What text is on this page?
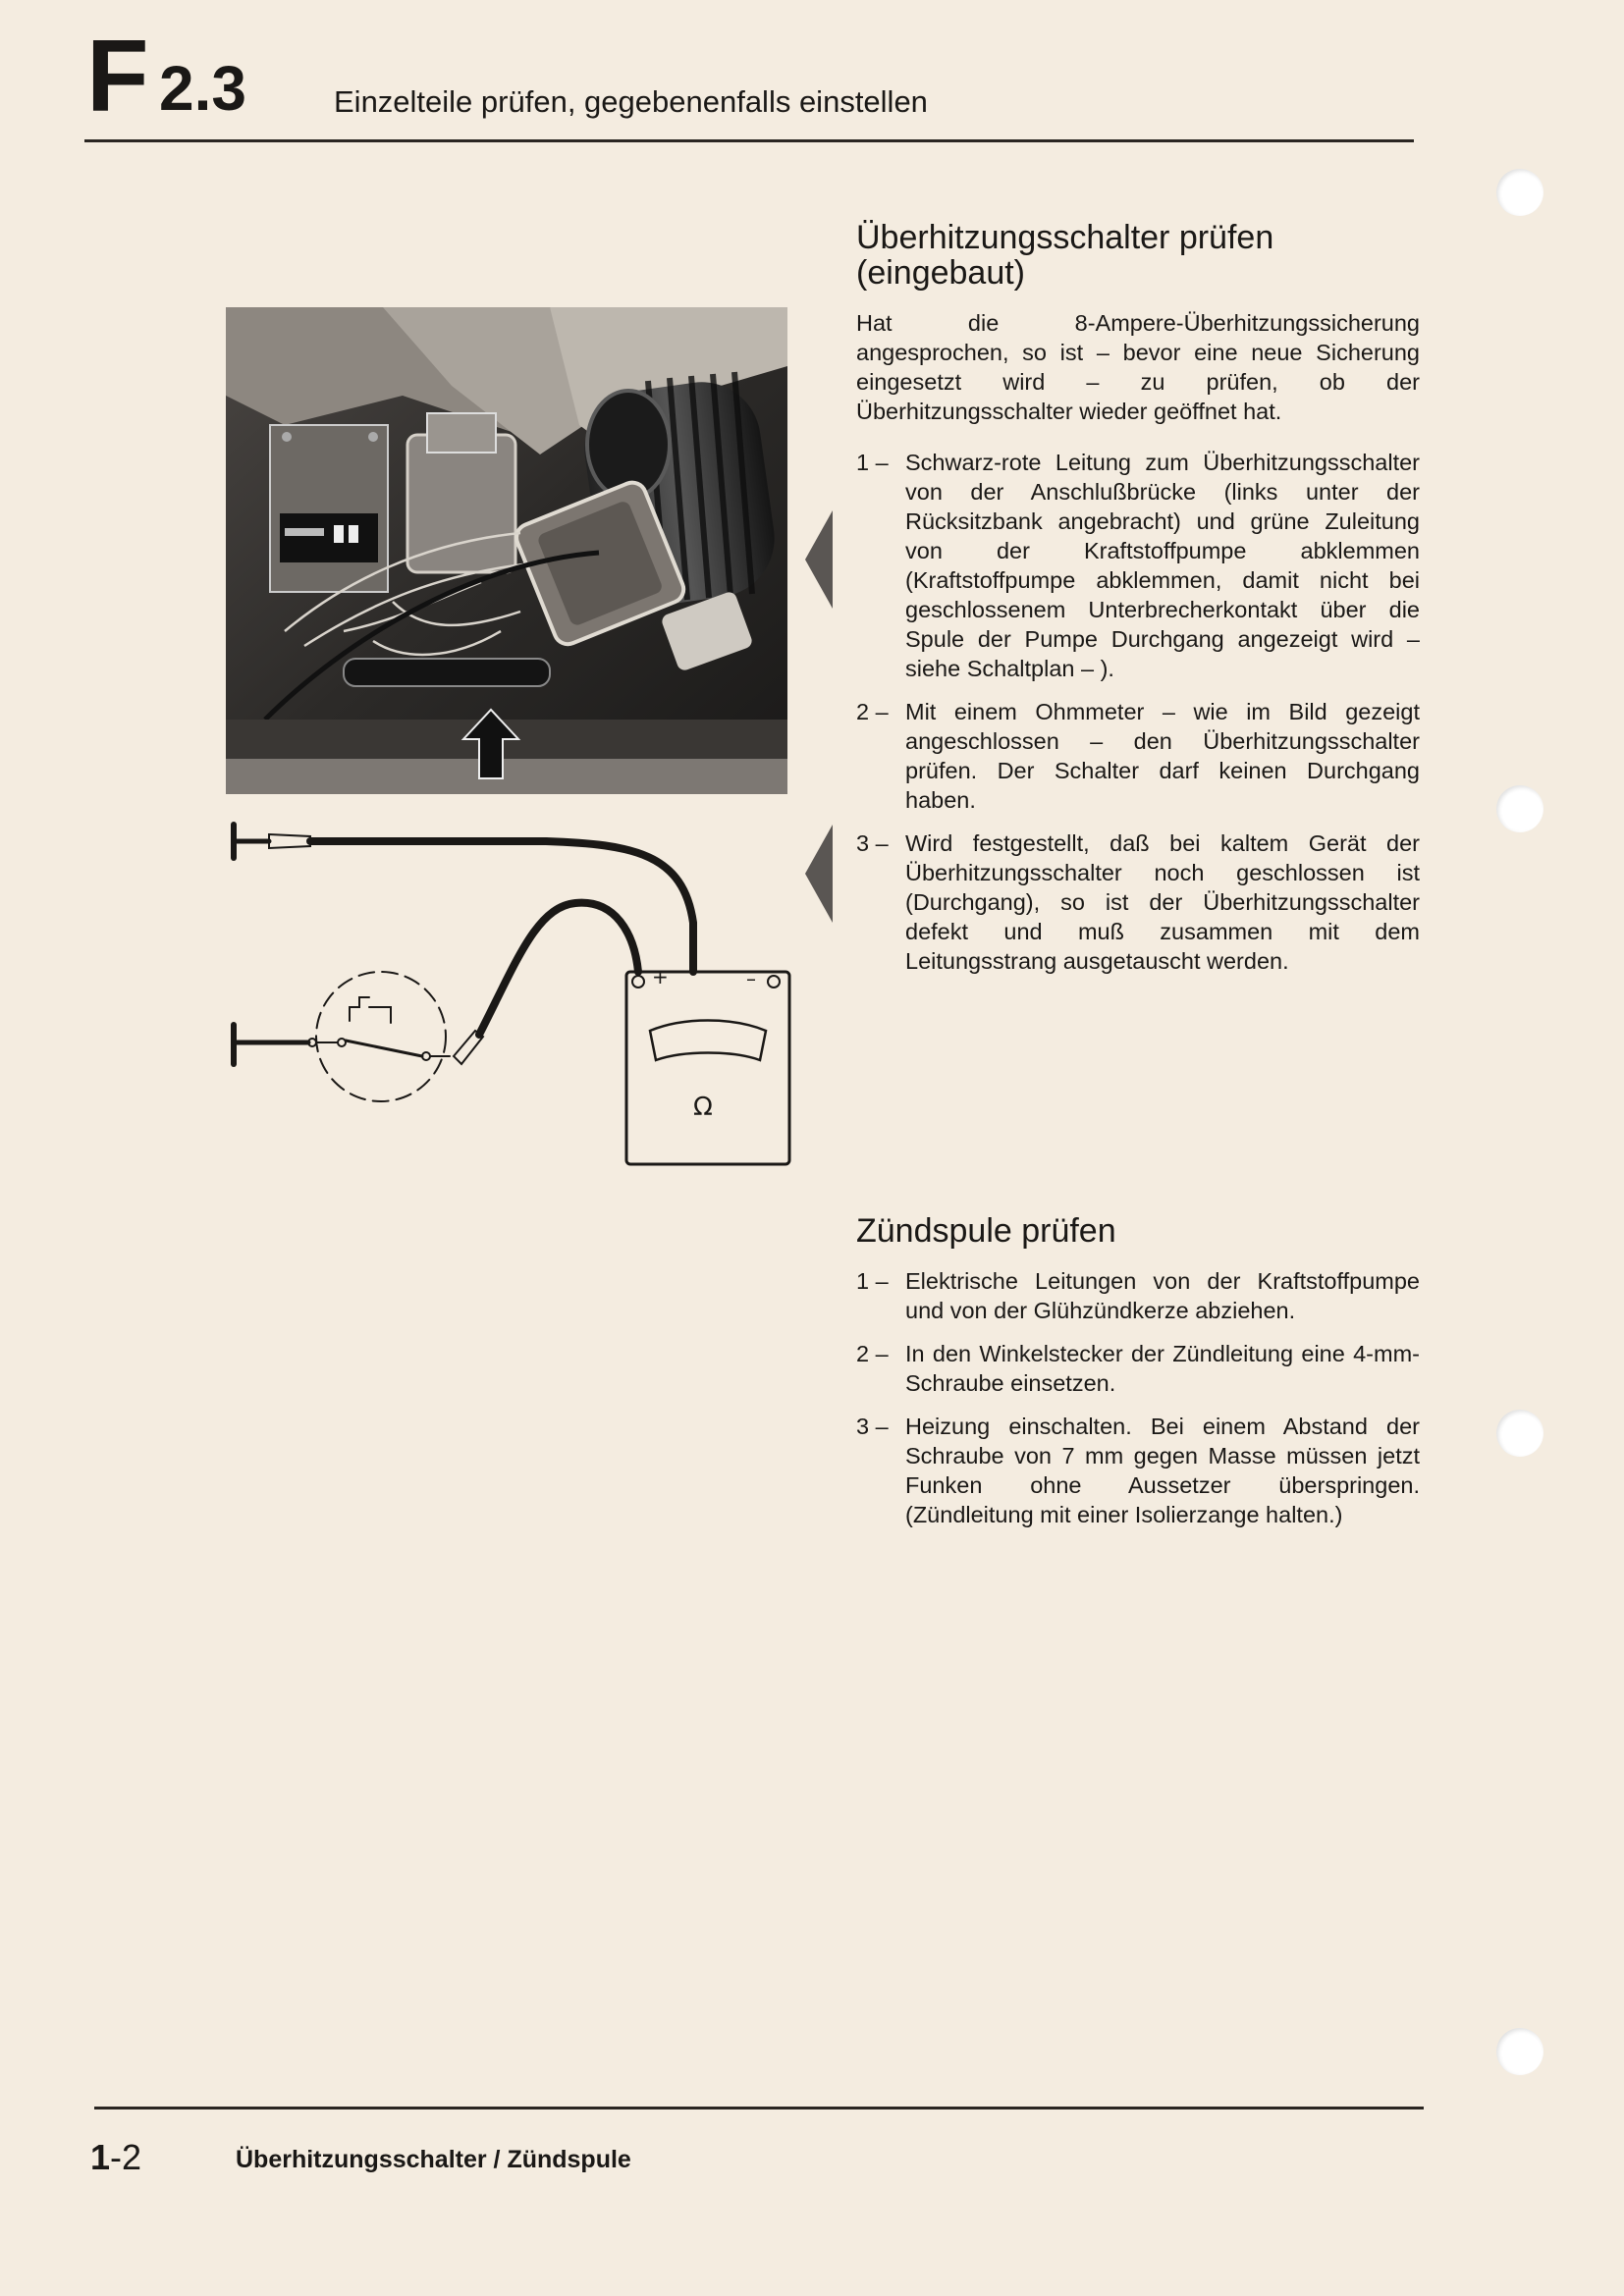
F 2.3	Einzelteile prüfen, gegebenenfalls einstellen
+	–
Ω
Überhitzungsschalter prüfen
(eingebaut)

Hat die 8-Ampere-Überhitzungssicherung angesprochen, so ist – bevor eine neue Sicherung eingesetzt wird – zu prüfen, ob der Überhitzungsschalter wieder geöffnet hat.

1 – Schwarz-rote Leitung zum Überhitzungsschalter von der Anschlußbrücke (links unter der Rücksitzbank angebracht) und grüne Zuleitung von der Kraftstoffpumpe abklemmen (Kraftstoffpumpe abklemmen, damit nicht bei geschlossenem Unterbrecherkontakt über die Spule der Pumpe Durchgang angezeigt wird – siehe Schaltplan – ).
2 – Mit einem Ohmmeter – wie im Bild gezeigt angeschlossen – den Überhitzungsschalter prüfen. Der Schalter darf keinen Durchgang haben.
3 – Wird festgestellt, daß bei kaltem Gerät der Überhitzungsschalter noch geschlossen ist (Durchgang), so ist der Überhitzungsschalter defekt und muß zusammen mit dem Leitungsstrang ausgetauscht werden.
Zündspule prüfen
1 – Elektrische Leitungen von der Kraftstoffpumpe und von der Glühzündkerze abziehen.
2 – In den Winkelstecker der Zündleitung eine 4-mm-Schraube einsetzen.
3 – Heizung einschalten. Bei einem Abstand der Schraube von 7 mm gegen Masse müssen jetzt Funken ohne Aussetzer überspringen. (Zündleitung mit einer Isolierzange halten.)
1-2	Überhitzungsschalter / Zündspule
